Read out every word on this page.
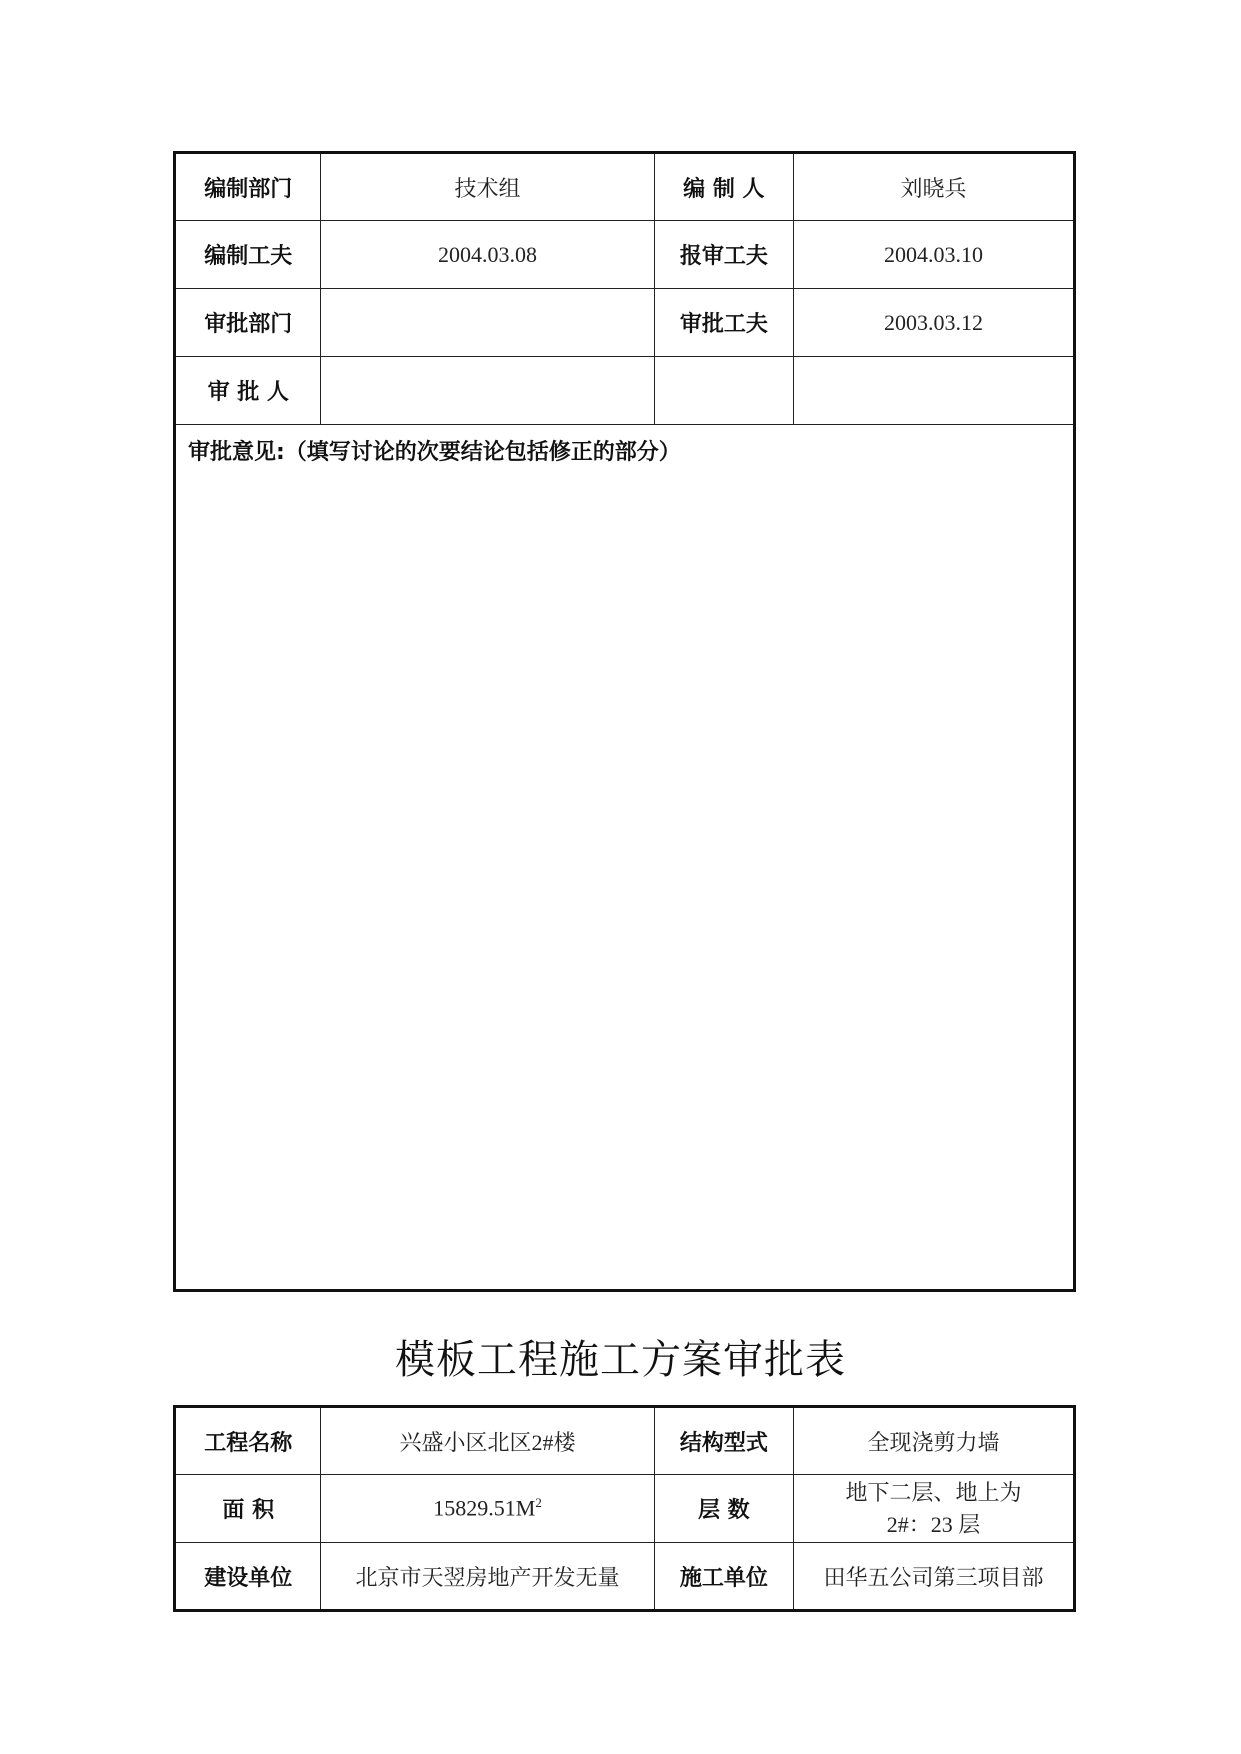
编制部门	技术组	编 制 人	刘晓兵
编制工夫	2004.03.08	报审工夫	2004.03.10
审批部门		审批工夫	2003.03.12
审 批 人			

审批意见:（填写讨论的次要结论包括修正的部分）			
模板工程施工方案审批表
工程名称	兴盛小区北区2#楼	结构型式	全现浇剪力墙
面 积	$15829.51M^2$	层 数	地下二层、地上为
2#：23 层

建设单位	北京市天翌房地产开发无量	施工单位	田华五公司第三项目部
